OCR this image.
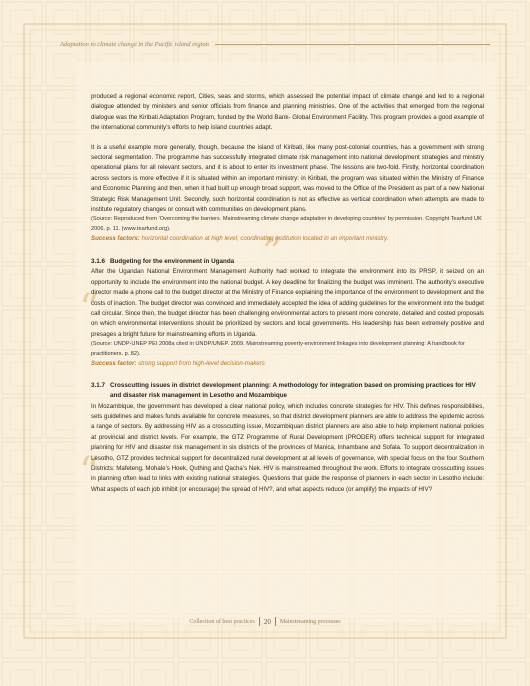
Adaptation to climate change in the Pacific island region
”
“
“

produced a regional economic report, Cities, seas and storms, which assessed the potential impact of climate change and led to a regional dialogue attended by ministers and senior officials from finance and planning ministries. One of the activities that emerged from the regional dialogue was the Kiribati Adaptation Program, funded by the World Bank- Global Environment Facility. This program provides a good example of the international community’s efforts to help island countries adapt.

It is a useful example more generally, though, because the island of Kiribati, like many post-colonial countries, has a government with strong sectoral segmentation. The programme has successfully integrated climate risk management into national development strategies and ministry operational plans for all relevant sectors, and it is about to enter its investment phase. The lessons are two-fold. Firstly, horizontal coordination across sectors is more effective if it is situated within an important ministry: in Kiribati, the program was situated within the Ministry of Finance and Economic Planning and then, when it had built up enough broad support, was moved to the Office of the President as part of a new National Strategic Risk Management Unit. Secondly, such horizontal coordination is not as effective as vertical coordination when attempts are made to institute regulatory changes or consult with communities on development plans.

(Source: Reproduced from ‘Overcoming the barriers. Mainstreaming climate change adaptation in developing countries’ by permission. Copyright Tearfund UK 2006. p. 11. (www.tearfund.org).

Success factors: horizontal coordination at high level; coordinating institution located in an important ministry.

3.1.6 Budgeting for the environment in Uganda

After the Ugandan National Environment Management Authority had worked to integrate the environment into its PRSP, it seized on an opportunity to include the environment into the national budget. A key deadline for finalizing the budget was imminent. The authority’s executive director made a phone call to the budget director at the Ministry of Finance explaining the importance of the environment to development and the costs of inaction. The budget director was convinced and immediately accepted the idea of adding guidelines for the environment into the budget call circular. Since then, the budget director has been challenging environmental actors to present more concrete, detailed and costed proposals on which environmental interventions should be prioritized by sectors and local governments. His leadership has been extremely positive and presages a bright future for mainstreaming efforts in Uganda.

(Source: UNDP-UNEP PEI 2008a cited in UNDP/UNEP. 2009. Mainstreaming poverty-environment linkages into development planning: A handbook for practitioners. p. 82).

Success factor: strong support from high-level decision-makers

3.1.7 Crosscutting issues in district development planning: A methodology for integration based on promising practices for HIV and disaster risk management in Lesotho and Mozambique

In Mozambique, the government has developed a clear national policy, which includes concrete strategies for HIV. This defines responsibilities, sets guidelines and makes funds available for concrete measures, so that district development planners are able to address the epidemic across a range of sectors. By addressing HIV as a crosscutting issue, Mozambiquan district planners are also able to help implement national policies at provincial and district levels. For example, the GTZ Programme of Rural Development (PRODER) offers technical support for integrated planning for HIV and disaster risk management in six districts of the provinces of Manica, Inhambane and Sofala. To support decentralization in Lesotho, GTZ provides technical support for decentralized rural development at all levels of governance, with special focus on the four Southern Districts: Mafeteng, Mohale’s Hoek, Quthing and Qacha’s Nek. HIV is mainstreamed throughout the work. Efforts to integrate crosscutting issues in planning often lead to links with existing national strategies. Questions that guide the response of planners in each sector in Lesotho include: What aspects of each job inhibit (or encourage) the spread of HIV?, and what aspects reduce (or amplify) the impacts of HIV?

Collection of best practices 20 Mainstreaming processes
